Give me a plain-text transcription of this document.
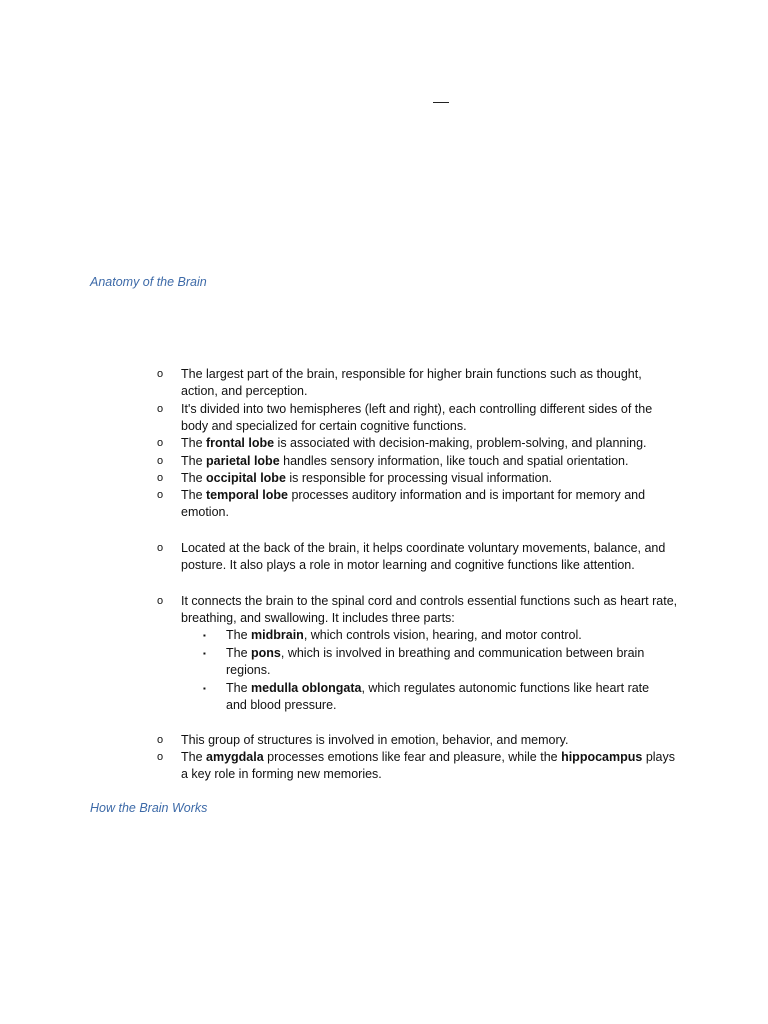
Anatomy of the Brain
o The largest part of the brain, responsible for higher brain functions such as thought, action, and perception.
o It's divided into two hemispheres (left and right), each controlling different sides of the body and specialized for certain cognitive functions.
o The frontal lobe is associated with decision-making, problem-solving, and planning.
o The parietal lobe handles sensory information, like touch and spatial orientation.
o The occipital lobe is responsible for processing visual information.
o The temporal lobe processes auditory information and is important for memory and emotion.
o Located at the back of the brain, it helps coordinate voluntary movements, balance, and posture. It also plays a role in motor learning and cognitive functions like attention.
o It connects the brain to the spinal cord and controls essential functions such as heart rate, breathing, and swallowing. It includes three parts:
▪ The midbrain, which controls vision, hearing, and motor control.
▪ The pons, which is involved in breathing and communication between brain regions.
▪ The medulla oblongata, which regulates autonomic functions like heart rate and blood pressure.
o This group of structures is involved in emotion, behavior, and memory.
o The amygdala processes emotions like fear and pleasure, while the hippocampus plays a key role in forming new memories.
How the Brain Works
